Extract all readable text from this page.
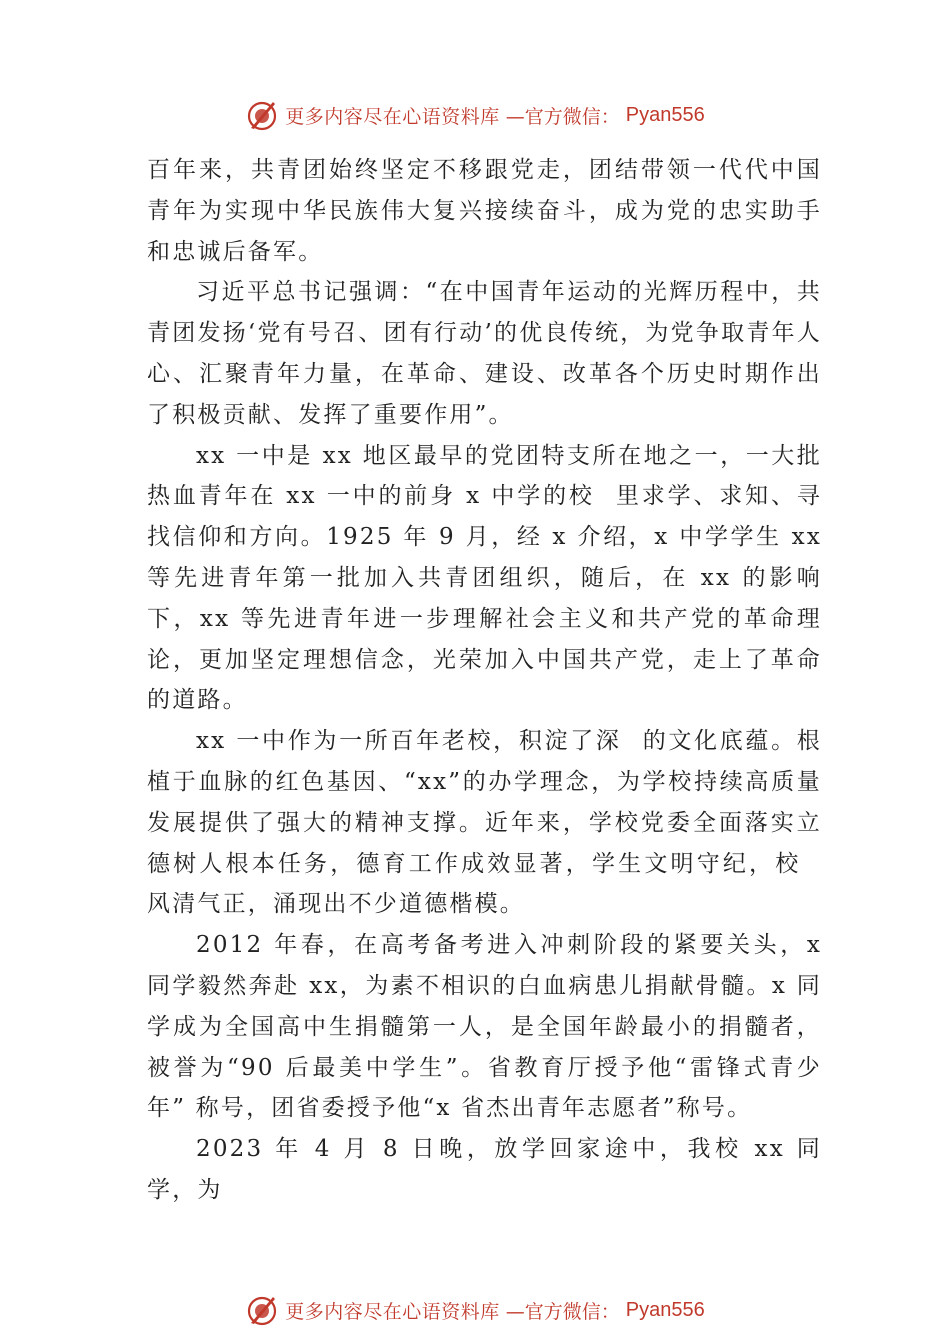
更多内容尽在心语资料库 —官方微信： Pyan556

百年来，共青团始终坚定不移跟党走，团结带领一代代中国青年为实现中华民族伟大复兴接续奋斗，成为党的忠实助手和忠诚后备军。

习近平总书记强调：“在中国青年运动的光辉历程中，共青团发扬‘党有号召、团有行动’的优良传统，为党争取青年人心、汇聚青年力量，在革命、建设、改革各个历史时期作出了积极贡献、发挥了重要作用”。

xx 一中是 xx 地区最早的党团特支所在地之一，一大批热血青年在 xx 一中的前身 x 中学的校里求学、求知、寻找信仰和方向。1925 年 9 月，经 x 介绍，x 中学学生 xx 等先进青年第一批加入共青团组织，随后，在 xx 的影响下，xx 等先进青年进一步理解社会主义和共产党的革命理论，更加坚定理想信念，光荣加入中国共产党，走上了革命的道路。

xx 一中作为一所百年老校，积淀了深的文化底蕴。根植于血脉的红色基因、“xx”的办学理念，为学校持续高质量发展提供了强大的精神支撑。近年来，学校党委全面落实立德树人根本任务，德育工作成效显著，学生文明守纪，校 风清气正，涌现出不少道德楷模。

2012 年春，在高考备考进入冲刺阶段的紧要关头，x 同学毅然奔赴 xx，为素不相识的白血病患儿捐献骨髓。x 同学成为全国高中生捐髓第一人，是全国年龄最小的捐髓者，被誉为“90 后最美中学生”。省教育厅授予他“雷锋式青少年” 称号，团省委授予他“x 省杰出青年志愿者”称号。

2023 年 4 月 8 日晚，放学回家途中，我校 xx 同学，为

更多内容尽在心语资料库 —官方微信： Pyan556
